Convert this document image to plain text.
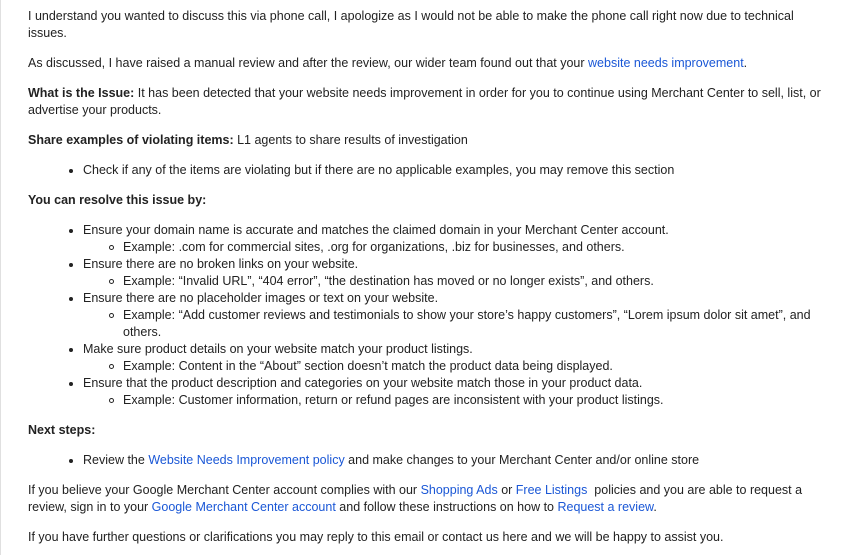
I understand you wanted to discuss this via phone call, I apologize as I would not be able to make the phone call right now due to technical issues.

As discussed, I have raised a manual review and after the review, our wider team found out that your website needs improvement.

What is the Issue: It has been detected that your website needs improvement in order for you to continue using Merchant Center to sell, list, or advertise your products.

Share examples of violating items: L1 agents to share results of investigation

Check if any of the items are violating but if there are no applicable examples, you may remove this section

You can resolve this issue by:

Ensure your domain name is accurate and matches the claimed domain in your Merchant Center account.
Example: .com for commercial sites, .org for organizations, .biz for businesses, and others.
Ensure there are no broken links on your website.
Example: “Invalid URL”, “404 error”, “the destination has moved or no longer exists”, and others.
Ensure there are no placeholder images or text on your website.
Example: “Add customer reviews and testimonials to show your store’s happy customers”, “Lorem ipsum dolor sit amet”, and others.
Make sure product details on your website match your product listings.
Example: Content in the “About” section doesn’t match the product data being displayed.
Ensure that the product description and categories on your website match those in your product data.
Example: Customer information, return or refund pages are inconsistent with your product listings.

Next steps:

Review the Website Needs Improvement policy and make changes to your Merchant Center and/or online store

If you believe your Google Merchant Center account complies with our Shopping Ads or Free Listings  policies and you are able to request a review, sign in to your Google Merchant Center account and follow these instructions on how to Request a review.

If you have further questions or clarifications you may reply to this email or contact us here and we will be happy to assist you.
